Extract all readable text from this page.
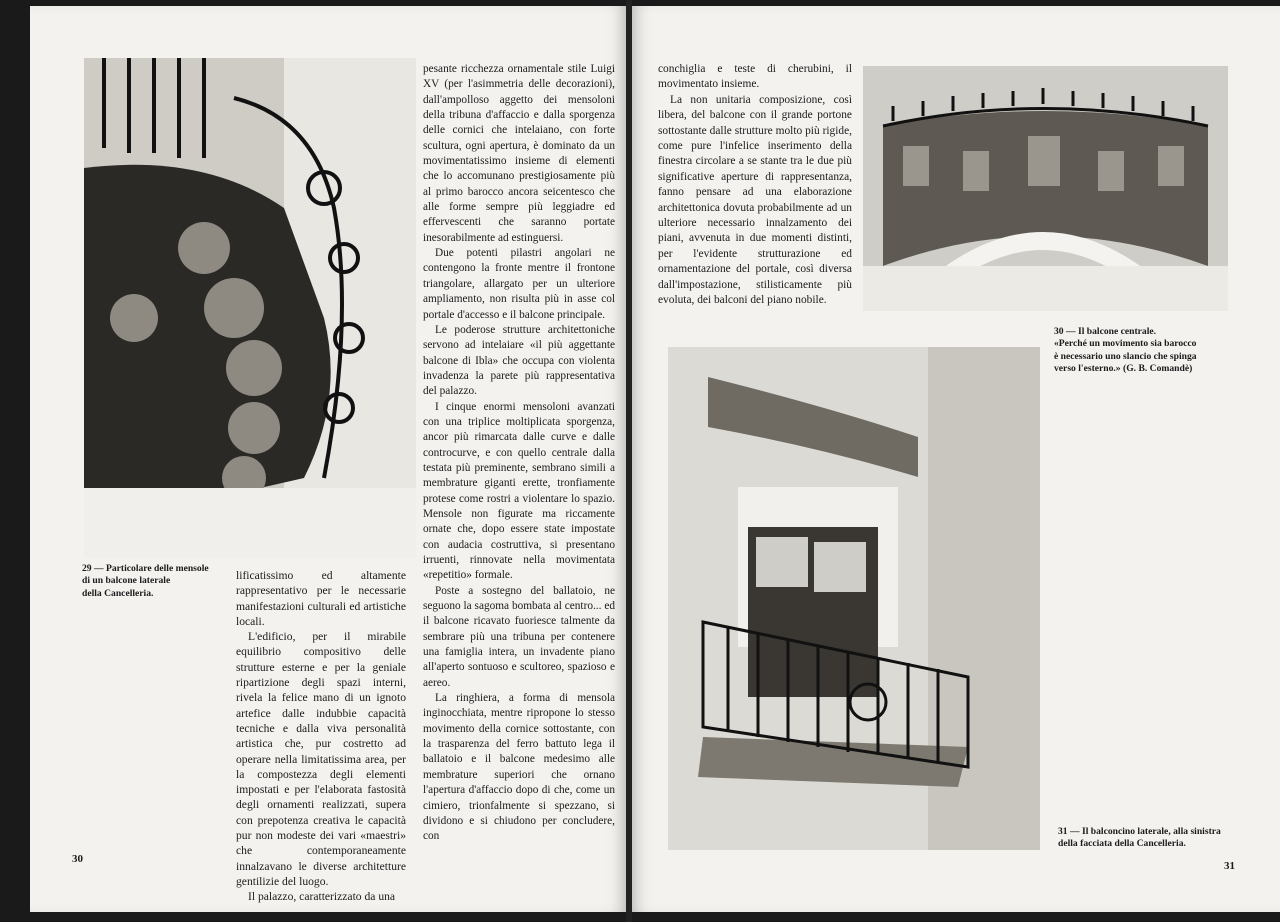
29 — Particolare delle mensole
di un balcone laterale
della Cancelleria.

lificatissimo ed altamente rappresentativo per le necessarie manifestazioni culturali ed artistiche locali.

L'edificio, per il mirabile equilibrio compositivo delle strutture esterne e per la geniale ripartizione degli spazi interni, rivela la felice mano di un ignoto artefice dalle indubbie capacità tecniche e dalla viva personalità artistica che, pur costretto ad operare nella limitatissima area, per la compostezza degli elementi impostati e per l'elaborata fastosità degli ornamenti realizzati, supera con prepotenza creativa le capacità pur non modeste dei vari «maestri» che contemporaneamente innalzavano le diverse architetture gentilizie del luogo.

Il palazzo, caratterizzato da una

pesante ricchezza ornamentale stile Luigi XV (per l'asimmetria delle decorazioni), dall'ampolloso aggetto dei mensoloni della tribuna d'affaccio e dalla sporgenza delle cornici che intelaiano, con forte scultura, ogni apertura, è dominato da un movimentatissimo insieme di elementi che lo accomunano prestigiosamente più al primo barocco ancora seicentesco che alle forme sempre più leggiadre ed effervescenti che saranno portate inesorabilmente ad estinguersi.

Due potenti pilastri angolari ne contengono la fronte mentre il frontone triangolare, allargato per un ulteriore ampliamento, non risulta più in asse col portale d'accesso e il balcone principale.

Le poderose strutture architettoniche servono ad intelaiare «il più aggettante balcone di Ibla» che occupa con violenta invadenza la parete più rappresentativa del palazzo.

I cinque enormi mensoloni avanzati con una triplice moltiplicata sporgenza, ancor più rimarcata dalle curve e dalle controcurve, e con quello centrale dalla testata più preminente, sembrano simili a membrature giganti erette, tronfiamente protese come rostri a violentare lo spazio. Mensole non figurate ma riccamente ornate che, dopo essere state impostate con audacia costruttiva, si presentano irruenti, rinnovate nella movimentata «repetitio» formale.

Poste a sostegno del ballatoio, ne seguono la sagoma bombata al centro... ed il balcone ricavato fuoriesce talmente da sembrare più una tribuna per contenere una famiglia intera, un invadente piano all'aperto sontuoso e scultoreo, spazioso e aereo.

La ringhiera, a forma di mensola inginocchiata, mentre ripropone lo stesso movimento della cornice sottostante, con la trasparenza del ferro battuto lega il ballatoio e il balcone medesimo alle membrature superiori che ornano l'apertura d'affaccio dopo di che, come un cimiero, trionfalmente si spezzano, si dividono e si chiudono per concludere, con

30

conchiglia e teste di cherubini, il movimentato insieme.

La non unitaria composizione, così libera, del balcone con il grande portone sottostante dalle strutture molto più rigide, come pure l'infelice inserimento della finestra circolare a se stante tra le due più significative aperture di rappresentanza, fanno pensare ad una elaborazione architettonica dovuta probabilmente ad un ulteriore necessario innalzamento dei piani, avvenuta in due momenti distinti, per l'evidente strutturazione ed ornamentazione del portale, così diversa dall'impostazione, stilisticamente più evoluta, dei balconi del piano nobile.

30 — Il balcone centrale.
«Perché un movimento sia barocco
è necessario uno slancio che spinga
verso l'esterno.» (G. B. Comandè)
31 — Il balconcino laterale, alla sinistra
della facciata della Cancelleria.
31
